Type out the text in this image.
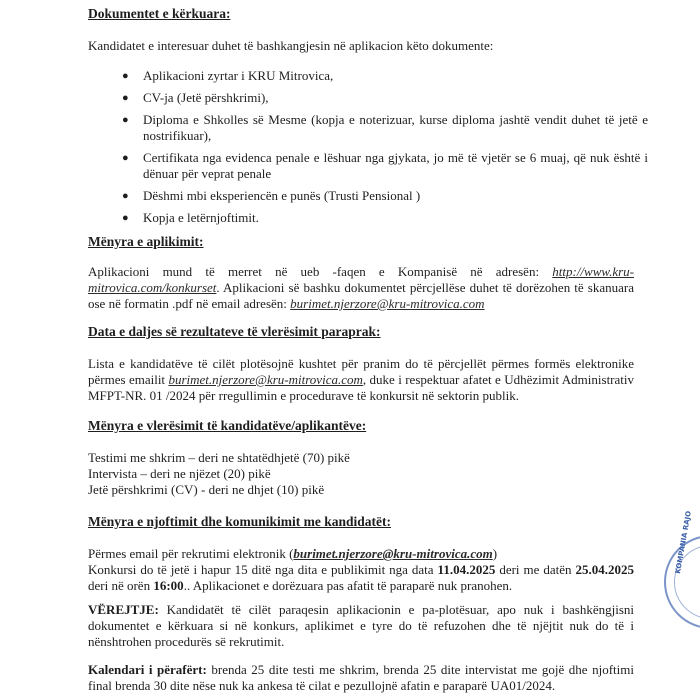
Dokumentet e kërkuara:
Kandidatet e interesuar duhet të bashkangjesin në aplikacion këto dokumente:
● Aplikacioni zyrtar i KRU Mitrovica,
● CV-ja (Jetë përshkrimi),
● Diploma e Shkolles së Mesme (kopja e noterizuar, kurse diploma jashtë vendit duhet të jetë e nostrifikuar),
● Certifikata nga evidenca penale e lëshuar nga gjykata, jo më të vjetër se 6 muaj, që nuk është i dënuar për veprat penale
● Dëshmi mbi eksperiencën e punës (Trusti Pensional )
● Kopja e letërnjoftimit.
Mënyra e aplikimit:

Aplikacioni mund të merret në ueb -faqen e Kompanisë në adresën: http://www.kru-mitrovica.com/konkurset. Aplikacioni së bashku dokumentet përcjellëse duhet të dorëzohen të skanuara ose në formatin .pdf në email adresën: burimet.njerzore@kru-mitrovica.com

Data e daljes së rezultateve të vlerësimit paraprak:

Lista e kandidatëve të cilët plotësojnë kushtet për pranim do të përcjellët përmes formës elektronike përmes emailit burimet.njerzore@kru-mitrovica.com, duke i respektuar afatet e Udhëzimit Administrativ MFPT-NR. 01 /2024 për rregullimin e procedurave të konkursit në sektorin publik.

Mënyra e vlerësimit të kandidatëve/aplikantëve:
Testimi me shkrim – deri ne shtatëdhjetë (70) pikë
Intervista – deri ne njëzet (20) pikë
Jetë përshkrimi (CV) - deri ne dhjet (10) pikë
Mënyra e njoftimit dhe komunikimit me kandidatët:
Përmes email për rekrutimi elektronik (burimet.njerzore@kru-mitrovica.com)

Konkursi do të jetë i hapur 15 ditë nga dita e publikimit nga data 11.04.2025 deri me datën 25.04.2025 deri në orën 16:00.. Aplikacionet e dorëzuara pas afatit të paraparë nuk pranohen.

VËREJTJE: Kandidatët të cilët paraqesin aplikacionin e pa-plotësuar, apo nuk i bashkëngjisni dokumentet e kërkuara si në konkurs, aplikimet e tyre do të refuzohen dhe të njëjtit nuk do të i nënshtrohen procedurës së rekrutimit.

Kalendari i përafërt: brenda 25 dite testi me shkrim, brenda 25 dite intervistat me gojë dhe njoftimi final brenda 30 dite nëse nuk ka ankesa të cilat e pezullojnë afatin e paraparë UA01/2024.

KOMPANIA RAJO
